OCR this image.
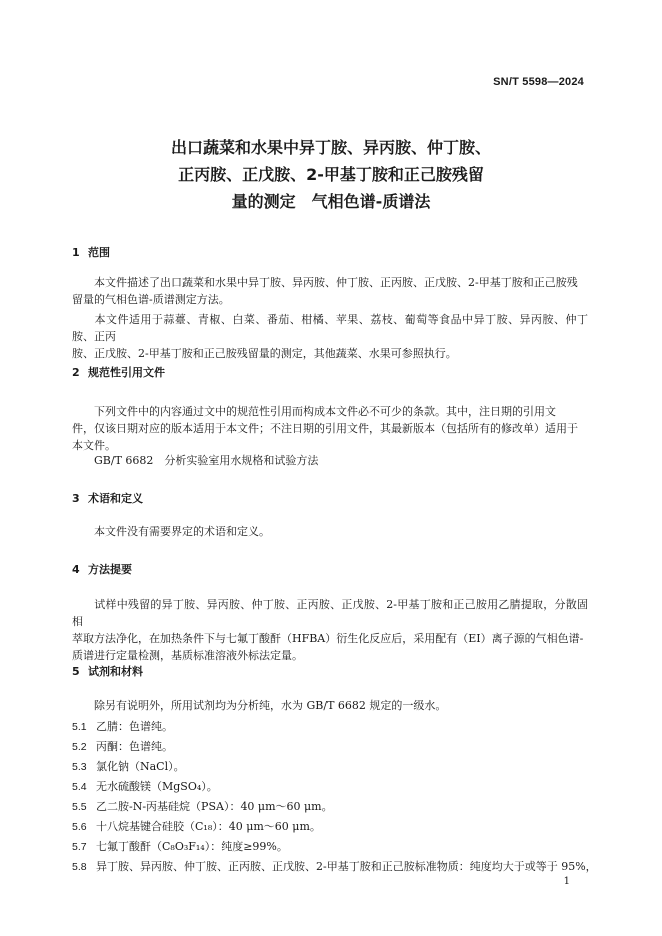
SN/T 5598—2024
出口蔬菜和水果中异丁胺、异丙胺、仲丁胺、
正丙胺、正戊胺、2-甲基丁胺和正己胺残留
量的测定　气相色谱-质谱法
1 范围
本文件描述了出口蔬菜和水果中异丁胺、异丙胺、仲丁胺、正丙胺、正戊胺、2-甲基丁胺和正己胺残
留量的气相色谱-质谱测定方法。
本文件适用于蒜薹、青椒、白菜、番茄、柑橘、苹果、荔枝、葡萄等食品中异丁胺、异丙胺、仲丁胺、正丙
胺、正戊胺、2-甲基丁胺和正己胺残留量的测定，其他蔬菜、水果可参照执行。
2 规范性引用文件
下列文件中的内容通过文中的规范性引用而构成本文件必不可少的条款。其中，注日期的引用文
件，仅该日期对应的版本适用于本文件；不注日期的引用文件，其最新版本（包括所有的修改单）适用于
本文件。
GB/T 6682　分析实验室用水规格和试验方法
3 术语和定义
本文件没有需要界定的术语和定义。
4 方法提要
试样中残留的异丁胺、异丙胺、仲丁胺、正丙胺、正戊胺、2-甲基丁胺和正己胺用乙腈提取，分散固相
萃取方法净化，在加热条件下与七氟丁酸酐（HFBA）衍生化反应后，采用配有（EI）离子源的气相色谱-
质谱进行定量检测，基质标准溶液外标法定量。
5 试剂和材料
除另有说明外，所用试剂均为分析纯，水为 GB/T 6682 规定的一级水。
5.1 乙腈：色谱纯。
5.2 丙酮：色谱纯。
5.3 氯化钠（NaCl）。
5.4 无水硫酸镁（MgSO₄）。
5.5 乙二胺-N-丙基硅烷（PSA）：40 μm～60 μm。
5.6 十八烷基键合硅胶（C₁₈）：40 μm～60 μm。
5.7 七氟丁酸酐（C₈O₃F₁₄）：纯度≥99%。
5.8 异丁胺、异丙胺、仲丁胺、正丙胺、正戊胺、2-甲基丁胺和正己胺标准物质：纯度均大于或等于 95%，
1
